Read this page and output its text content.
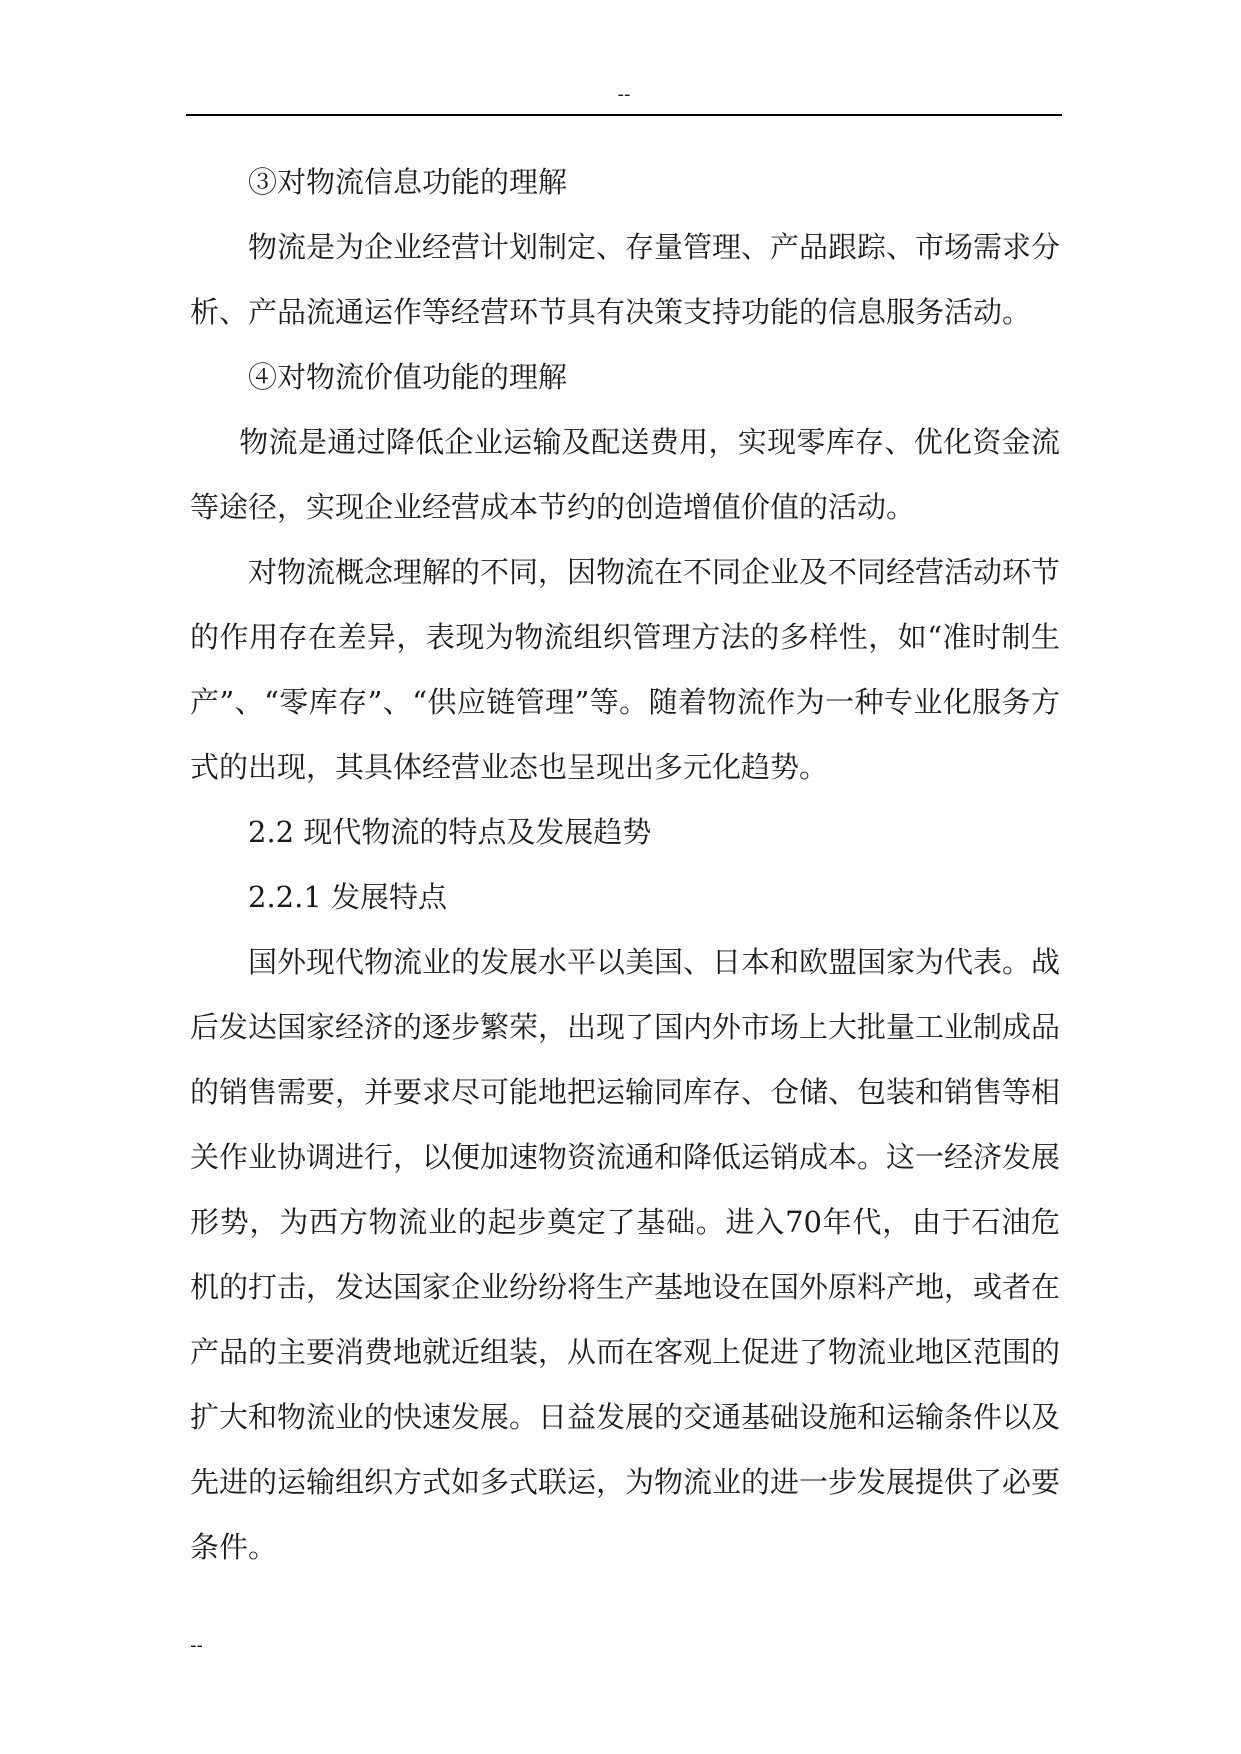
--

③对物流信息功能的理解

物流是为企业经营计划制定、存量管理、产品跟踪、市场需求分析、产品流通运作等经营环节具有决策支持功能的信息服务活动。

④对物流价值功能的理解

物流是通过降低企业运输及配送费用，实现零库存、优化资金流等途径，实现企业经营成本节约的创造增值价值的活动。

对物流概念理解的不同，因物流在不同企业及不同经营活动环节的作用存在差异，表现为物流组织管理方法的多样性，如“准时制生产”、“零库存”、“供应链管理”等。随着物流作为一种专业化服务方式的出现，其具体经营业态也呈现出多元化趋势。

2.2 现代物流的特点及发展趋势

2.2.1 发展特点

国外现代物流业的发展水平以美国、日本和欧盟国家为代表。战后发达国家经济的逐步繁荣，出现了国内外市场上大批量工业制成品的销售需要，并要求尽可能地把运输同库存、仓储、包装和销售等相关作业协调进行，以便加速物资流通和降低运销成本。这一经济发展形势，为西方物流业的起步奠定了基础。进入70年代，由于石油危机的打击，发达国家企业纷纷将生产基地设在国外原料产地，或者在产品的主要消费地就近组装，从而在客观上促进了物流业地区范围的扩大和物流业的快速发展。日益发展的交通基础设施和运输条件以及先进的运输组织方式如多式联运，为物流业的进一步发展提供了必要条件。

--
